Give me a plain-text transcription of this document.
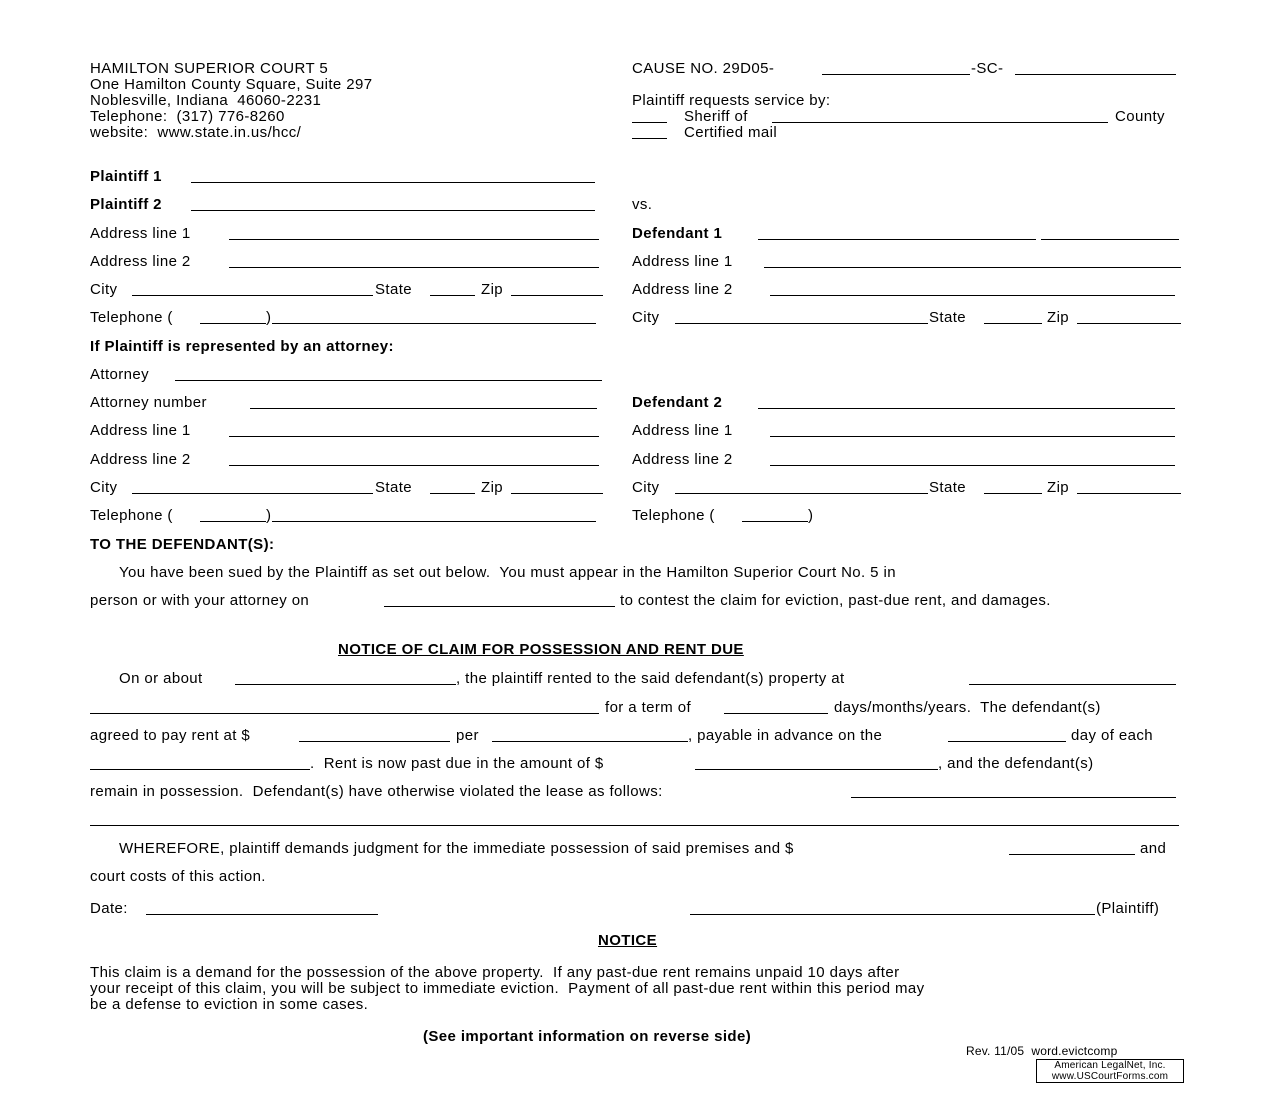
HAMILTON SUPERIOR COURT 5
One Hamilton County Square, Suite 297
Noblesville, Indiana  46060-2231
Telephone:  (317) 776-8260
website:  www.state.in.us/hcc/
CAUSE NO. 29D05-	-SC-
Plaintiff requests service by:
Sheriff of	County
Certified mail
Plaintiff 1
Plaintiff 2
Address line 1
Address line 2
City	State	Zip
Telephone (	)
vs.
Defendant 1
Address line 1
Address line 2
City	State	Zip
If Plaintiff is represented by an attorney:
Attorney
Attorney number
Address line 1
Address line 2
City	State	Zip
Telephone (	)
Defendant 2
Address line 1
Address line 2
City	State	Zip
Telephone (	)
TO THE DEFENDANT(S):
You have been sued by the Plaintiff as set out below.  You must appear in the Hamilton Superior Court No. 5 in
person or with your attorney on	to contest the claim for eviction, past-due rent, and damages.
NOTICE OF CLAIM FOR POSSESSION AND RENT DUE
On or about	, the plaintiff rented to the said defendant(s) property at
for a term of	days/months/years.  The defendant(s)
agreed to pay rent at $	per	, payable in advance on the	day of each
.  Rent is now past due in the amount of $	, and the defendant(s)
remain in possession.  Defendant(s) have otherwise violated the lease as follows:
WHEREFORE, plaintiff demands judgment for the immediate possession of said premises and $	and
court costs of this action.
Date:	(Plaintiff)
NOTICE
This claim is a demand for the possession of the above property.  If any past-due rent remains unpaid 10 days after
your receipt of this claim, you will be subject to immediate eviction.  Payment of all past-due rent within this period may
be a defense to eviction in some cases.
(See important information on reverse side)
Rev. 11/05  word.evictcomp
American LegalNet, Inc.
www.USCourtForms.com
